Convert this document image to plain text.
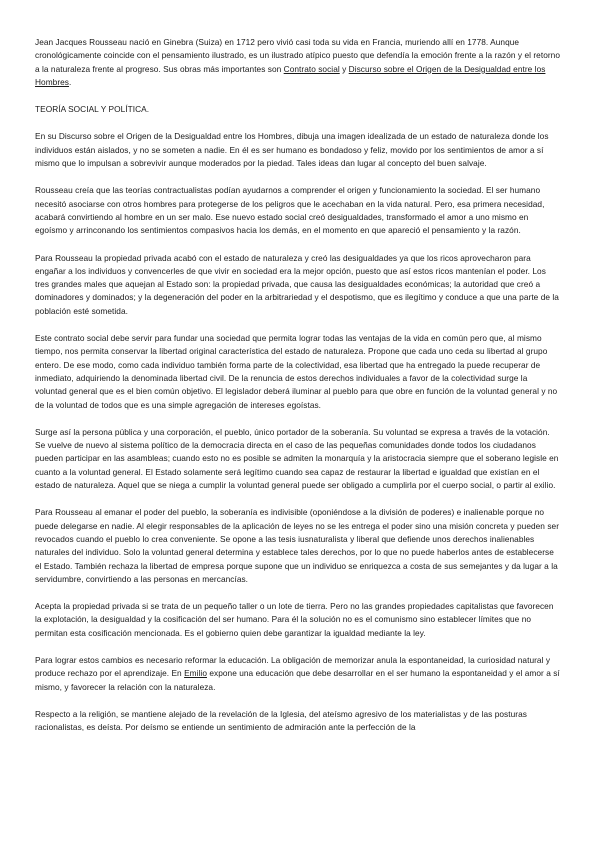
Jean Jacques Rousseau nació en Ginebra (Suiza) en 1712 pero vivió casi toda su vida en Francia, muriendo allí en 1778. Aunque cronológicamente coincide con el pensamiento ilustrado, es un ilustrado atípico puesto que defendía la emoción frente a la razón y el retorno a la naturaleza frente al progreso. Sus obras más importantes son Contrato social y Discurso sobre el Origen de la Desigualdad entre los Hombres.

TEORÍA SOCIAL Y POLÍTICA.

En su Discurso sobre el Origen de la Desigualdad entre los Hombres, dibuja una imagen idealizada de un estado de naturaleza donde los individuos están aislados, y no se someten a nadie. En él es ser humano es bondadoso y feliz, movido por los sentimientos de amor a sí mismo que lo impulsan a sobrevivir aunque moderados por la piedad. Tales ideas dan lugar al concepto del buen salvaje.

Rousseau creía que las teorías contractualistas podían ayudarnos a comprender el origen y funcionamiento la sociedad. El ser humano necesitó asociarse con otros hombres para protegerse de los peligros que le acechaban en la vida natural. Pero, esa primera necesidad, acabará convirtiendo al hombre en un ser malo. Ese nuevo estado social creó desigualdades, transformado el amor a uno mismo en egoísmo y arrinconando los sentimientos compasivos hacia los demás, en el momento en que apareció el pensamiento y la razón.

Para Rousseau la propiedad privada acabó con el estado de naturaleza y creó las desigualdades ya que los ricos aprovecharon para engañar a los individuos y convencerles de que vivir en sociedad era la mejor opción, puesto que así estos ricos mantenían el poder. Los tres grandes males que aquejan al Estado son: la propiedad privada, que causa las desigualdades económicas; la autoridad que creó a dominadores y dominados; y la degeneración del poder en la arbitrariedad y el despotismo, que es ilegítimo y conduce a que una parte de la población esté sometida.

Este contrato social debe servir para fundar una sociedad que permita lograr todas las ventajas de la vida en común pero que, al mismo tiempo, nos permita conservar la libertad original característica del estado de naturaleza. Propone que cada uno ceda su libertad al grupo entero. De ese modo, como cada individuo también forma parte de la colectividad, esa libertad que ha entregado la puede recuperar de inmediato, adquiriendo la denominada libertad civil. De la renuncia de estos derechos individuales a favor de la colectividad surge la voluntad general que es el bien común objetivo. El legislador deberá iluminar al pueblo para que obre en función de la voluntad general y no de la voluntad de todos que es una simple agregación de intereses egoístas.

Surge así la persona pública y una corporación, el pueblo, único portador de la soberanía. Su voluntad se expresa a través de la votación. Se vuelve de nuevo al sistema político de la democracia directa en el caso de las pequeñas comunidades donde todos los ciudadanos pueden participar en las asambleas; cuando esto no es posible se admiten la monarquía y la aristocracia siempre que el soberano legisle en cuanto a la voluntad general. El Estado solamente será legítimo cuando sea capaz de restaurar la libertad e igualdad que existían en el estado de naturaleza. Aquel que se niega a cumplir la voluntad general puede ser obligado a cumplirla por el cuerpo social, o partir al exilio.

Para Rousseau al emanar el poder del pueblo, la soberanía es indivisible (oponiéndose a la división de poderes) e inalienable porque no puede delegarse en nadie. Al elegir responsables de la aplicación de leyes no se les entrega el poder sino una misión concreta y pueden ser revocados cuando el pueblo lo crea conveniente. Se opone a las tesis iusnaturalista y liberal que defiende unos derechos inalienables naturales del individuo. Solo la voluntad general determina y establece tales derechos, por lo que no puede haberlos antes de establecerse el Estado. También rechaza la libertad de empresa porque supone que un individuo se enriquezca a costa de sus semejantes y da lugar a la servidumbre, convirtiendo a las personas en mercancías.

Acepta la propiedad privada si se trata de un pequeño taller o un lote de tierra. Pero no las grandes propiedades capitalistas que favorecen la explotación, la desigualdad y la cosificación del ser humano. Para él la solución no es el comunismo sino establecer límites que no permitan esta cosificación mencionada. Es el gobierno quien debe garantizar la igualdad mediante la ley.

Para lograr estos cambios es necesario reformar la educación. La obligación de memorizar anula la espontaneidad, la curiosidad natural y produce rechazo por el aprendizaje. En Emilio expone una educación que debe desarrollar en el ser humano la espontaneidad y el amor a sí mismo, y favorecer la relación con la naturaleza.

Respecto a la religión, se mantiene alejado de la revelación de la Iglesia, del ateísmo agresivo de los materialistas y de las posturas racionalistas, es deísta. Por deísmo se entiende un sentimiento de admiración ante la perfección de la
